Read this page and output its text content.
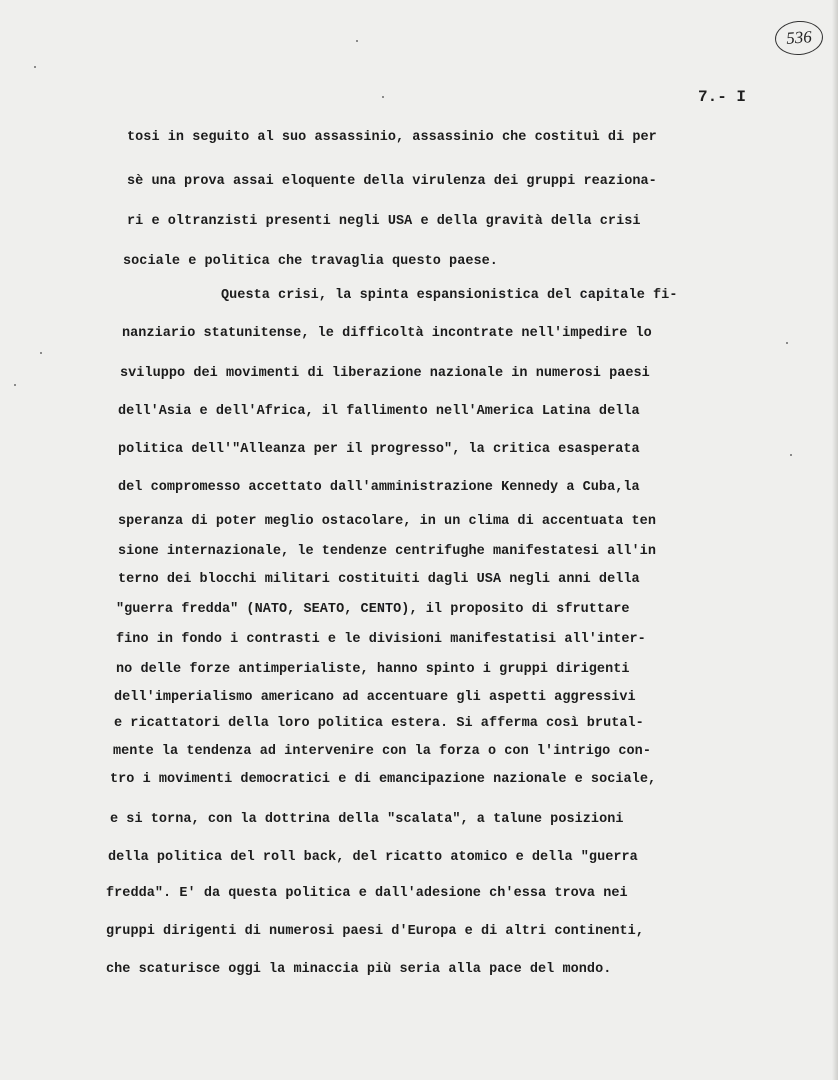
536
7.- I
tosi in seguito al suo assassinio, assassinio che costituì di per
sè una prova assai eloquente della virulenza dei gruppi reaziona-
ri e oltranzisti presenti negli USA e della gravità della crisi
sociale e politica che travaglia questo paese.
Questa crisi, la spinta espansionistica del capitale fi-
nanziario statunitense, le difficoltà incontrate nell'impedire lo
sviluppo dei movimenti di liberazione nazionale in numerosi paesi
dell'Asia e dell'Africa, il fallimento nell'America Latina della
politica dell'"Alleanza per il progresso", la critica esasperata
del compromesso accettato dall'amministrazione Kennedy a Cuba,la
speranza di poter meglio ostacolare, in un clima di accentuata ten
sione internazionale, le tendenze centrifughe manifestatesi all'in
terno dei blocchi militari costituiti dagli USA negli anni della
"guerra fredda" (NATO, SEATO, CENTO), il proposito di sfruttare
fino in fondo i contrasti e le divisioni manifestatisi all'inter-
no delle forze antimperialiste, hanno spinto i gruppi dirigenti
dell'imperialismo americano ad accentuare gli aspetti aggressivi
e ricattatori della loro politica estera. Si afferma così brutal-
mente la tendenza ad intervenire con la forza o con l'intrigo con-
tro i movimenti democratici e di emancipazione nazionale e sociale,
e si torna, con la dottrina della "scalata", a talune posizioni
della politica del roll back, del ricatto atomico e della "guerra
fredda". E' da questa politica e dall'adesione ch'essa trova nei
gruppi dirigenti di numerosi paesi d'Europa e di altri continenti,
che scaturisce oggi la minaccia più seria alla pace del mondo.
